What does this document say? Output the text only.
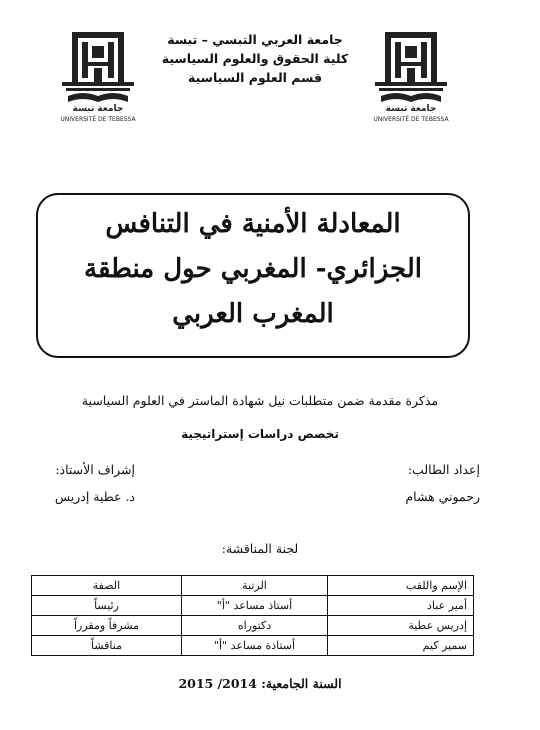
جامعة تبسة
UNIVERSITÉ DE TEBESSA
جامعة تبسة
UNIVERSITÉ DE TEBESSA
جامعة العربي التبسي – تبسة
كلية الحقوق والعلوم السياسية
قسم العلوم السياسية
المعادلة الأمنية في التنافس
الجزائري- المغربي حول منطقة
المغرب العربي
مذكرة مقدمة ضمن متطلبات نيل شهادة الماستر في العلوم السياسية
تخصص دراسات إستراتيجية
إعداد الطالب:
رحموني هشام
إشراف الأستاذ:
د. عطية إدريس
لجنة المناقشة:
الإسم واللقب	الرتبة	الصفة
أمير عباد	أستاذ مساعد "أ"	رئيساً
إدريس عطية	دكتوراه	مشرفاً ومقرراً
سمير كيم	أستاذة مساعد "أ"	مناقشاً
السنة الجامعية: 2014/ 2015
